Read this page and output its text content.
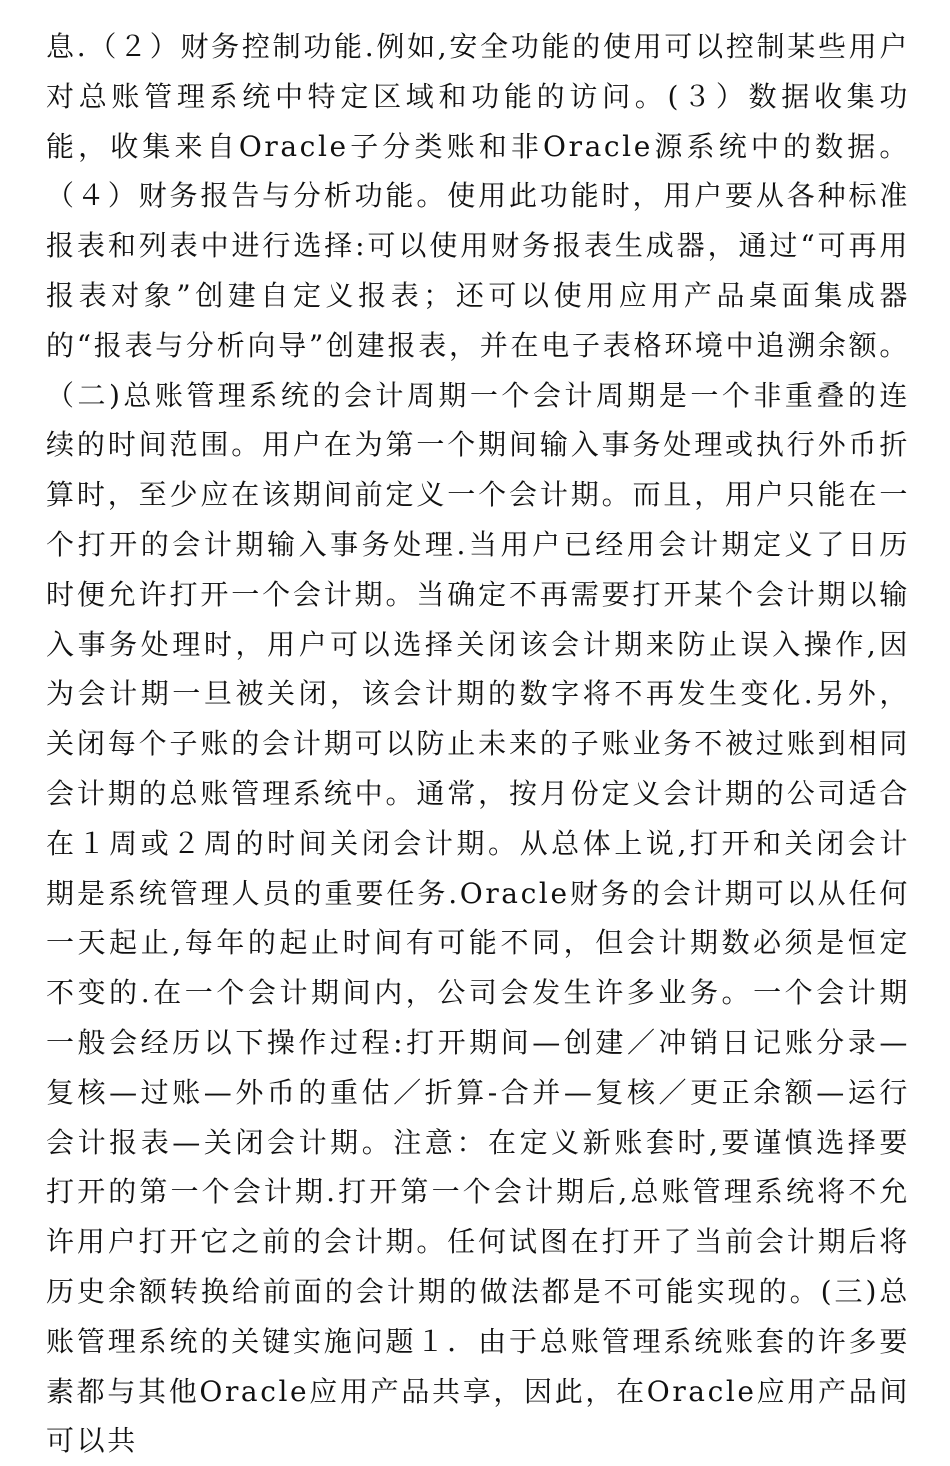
息.（２）财务控制功能.例如,安全功能的使用可以控制某些用户对总账管理系统中特定区域和功能的访问。(３）数据收集功能，收集来自Oracle子分类账和非Oracle源系统中的数据。（４）财务报告与分析功能。使用此功能时，用户要从各种标准报表和列表中进行选择:可以使用财务报表生成器，通过“可再用报表对象”创建自定义报表；还可以使用应用产品桌面集成器的“报表与分析向导”创建报表，并在电子表格环境中追溯余额。（二)总账管理系统的会计周期一个会计周期是一个非重叠的连续的时间范围。用户在为第一个期间输入事务处理或执行外币折算时，至少应在该期间前定义一个会计期。而且，用户只能在一个打开的会计期输入事务处理.当用户已经用会计期定义了日历时便允许打开一个会计期。当确定不再需要打开某个会计期以输入事务处理时，用户可以选择关闭该会计期来防止误入操作,因为会计期一旦被关闭，该会计期的数字将不再发生变化.另外，关闭每个子账的会计期可以防止未来的子账业务不被过账到相同会计期的总账管理系统中。通常，按月份定义会计期的公司适合在１周或２周的时间关闭会计期。从总体上说,打开和关闭会计期是系统管理人员的重要任务.Oracle财务的会计期可以从任何一天起止,每年的起止时间有可能不同，但会计期数必须是恒定不变的.在一个会计期间内，公司会发生许多业务。一个会计期一般会经历以下操作过程:打开期间—创建／冲销日记账分录—复核—过账—外币的重估／折算-合并—复核／更正余额—运行会计报表—关闭会计期。注意：在定义新账套时,要谨慎选择要打开的第一个会计期.打开第一个会计期后,总账管理系统将不允许用户打开它之前的会计期。任何试图在打开了当前会计期后将历史余额转换给前面的会计期的做法都是不可能实现的。(三)总账管理系统的关键实施问题１．由于总账管理系统账套的许多要素都与其他Oracle应用产品共享，因此，在Oracle应用产品间可以共
